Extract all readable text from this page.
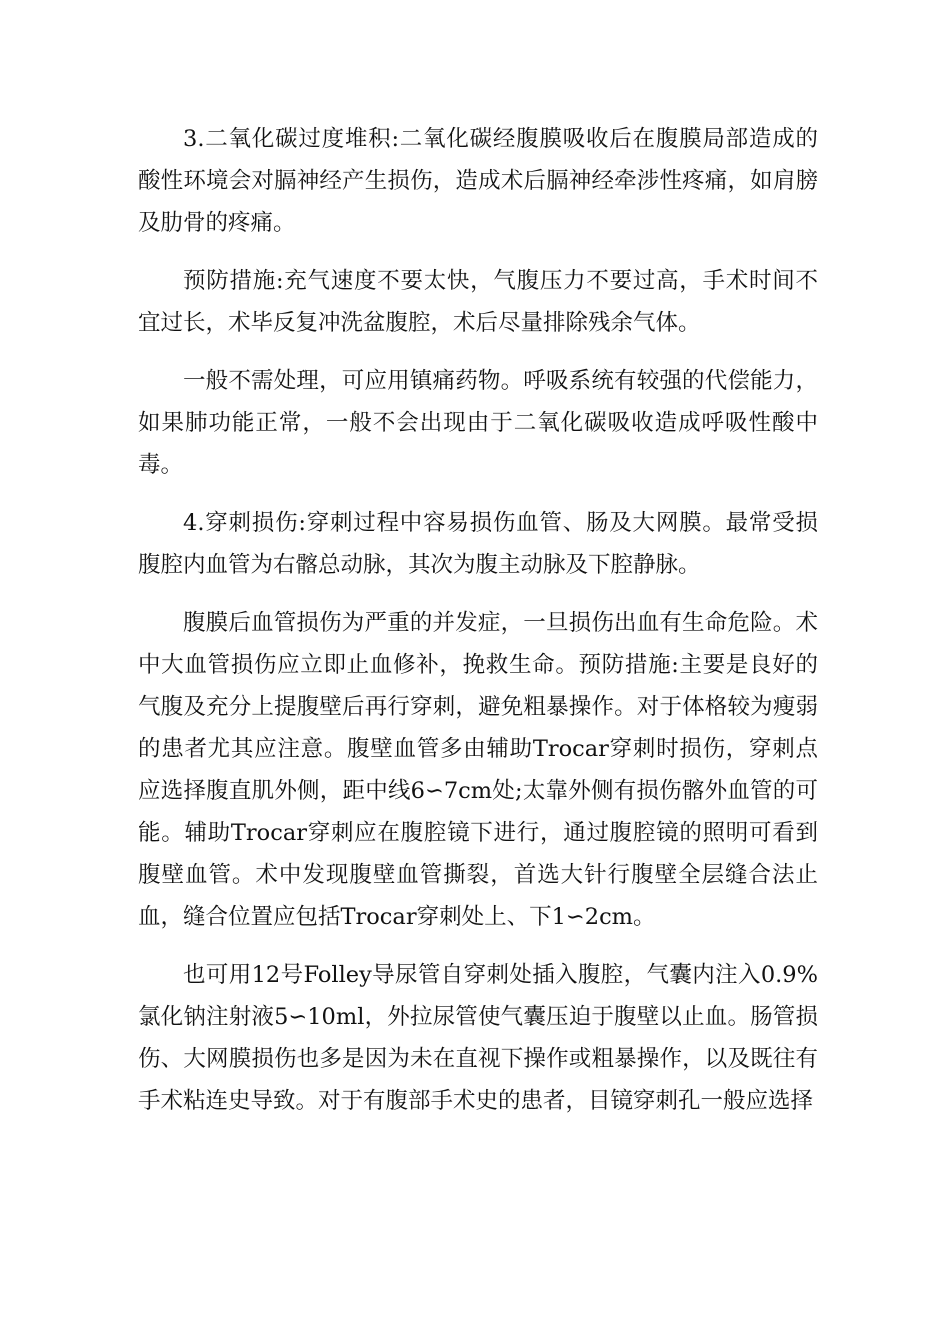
3.二氧化碳过度堆积:二氧化碳经腹膜吸收后在腹膜局部造成的酸性环境会对膈神经产生损伤，造成术后膈神经牵涉性疼痛，如肩膀及肋骨的疼痛。

预防措施:充气速度不要太快，气腹压力不要过高，手术时间不宜过长，术毕反复冲洗盆腹腔，术后尽量排除残余气体。

一般不需处理，可应用镇痛药物。呼吸系统有较强的代偿能力，如果肺功能正常，一般不会出现由于二氧化碳吸收造成呼吸性酸中毒。

4.穿刺损伤:穿刺过程中容易损伤血管、肠及大网膜。最常受损腹腔内血管为右髂总动脉，其次为腹主动脉及下腔静脉。

腹膜后血管损伤为严重的并发症，一旦损伤出血有生命危险。术中大血管损伤应立即止血修补，挽救生命。预防措施:主要是良好的气腹及充分上提腹壁后再行穿刺，避免粗暴操作。对于体格较为瘦弱的患者尤其应注意。腹壁血管多由辅助Trocar穿刺时损伤，穿刺点应选择腹直肌外侧，距中线6∽7cm处;太靠外侧有损伤髂外血管的可能。辅助Trocar穿刺应在腹腔镜下进行，通过腹腔镜的照明可看到腹壁血管。术中发现腹壁血管撕裂，首选大针行腹壁全层缝合法止血，缝合位置应包括Trocar穿刺处上、下1∽2cm。

也可用12号Folley导尿管自穿刺处插入腹腔，气囊内注入0.9%氯化钠注射液5∽10ml，外拉尿管使气囊压迫于腹壁以止血。肠管损伤、大网膜损伤也多是因为未在直视下操作或粗暴操作，以及既往有手术粘连史导致。对于有腹部手术史的患者，目镜穿刺孔一般应选择
